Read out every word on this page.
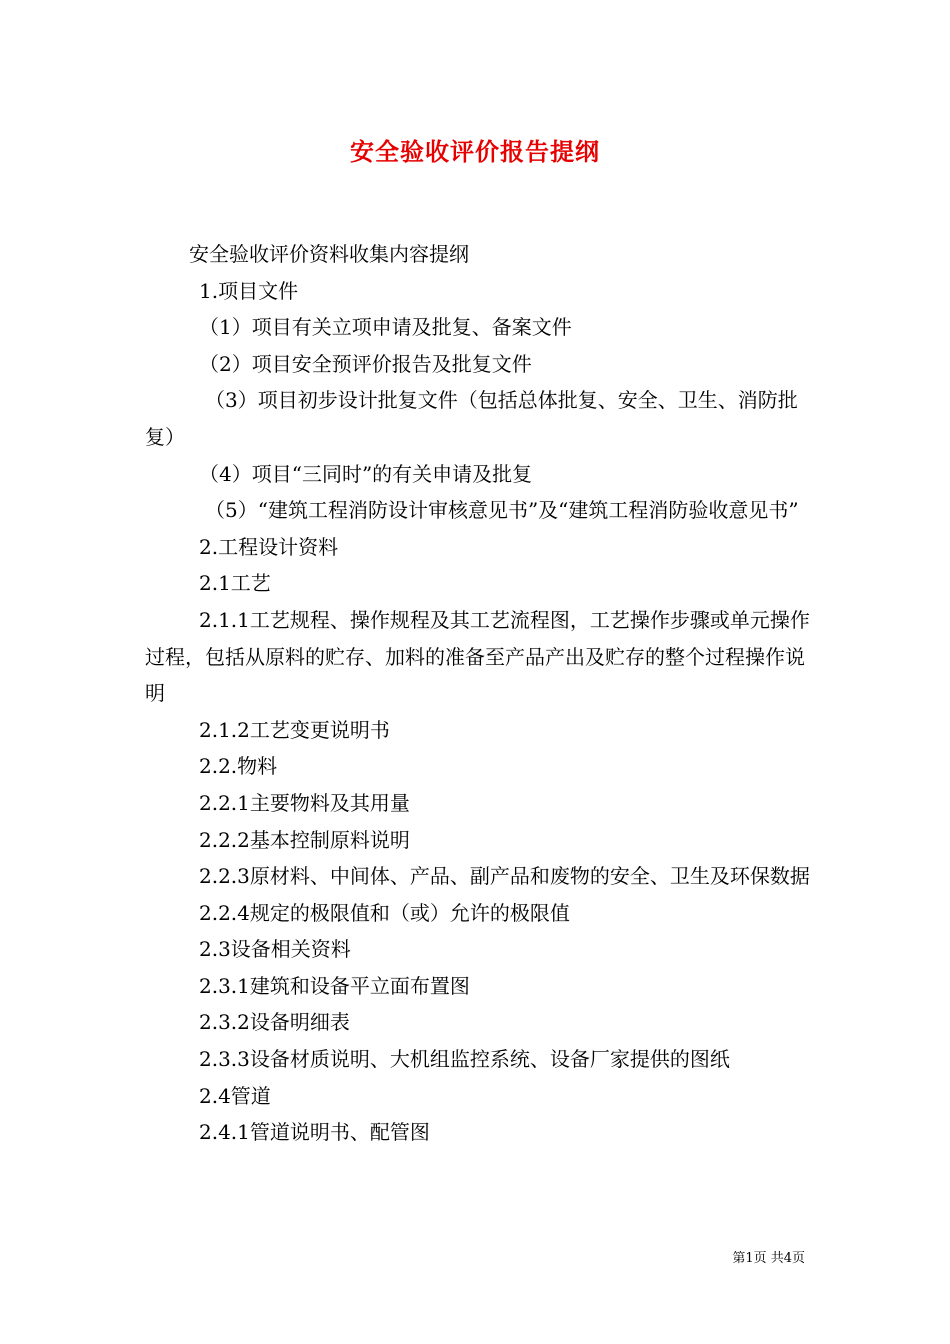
安全验收评价报告提纲
安全验收评价资料收集内容提纲
1.项目文件
（1）项目有关立项申请及批复、备案文件
（2）项目安全预评价报告及批复文件
（3）项目初步设计批复文件（包括总体批复、安全、卫生、消防批复）
（4）项目“三同时”的有关申请及批复
（5）“建筑工程消防设计审核意见书”及“建筑工程消防验收意见书”
2.工程设计资料
2.1工艺
2.1.1工艺规程、操作规程及其工艺流程图，工艺操作步骤或单元操作过程，包括从原料的贮存、加料的准备至产品产出及贮存的整个过程操作说明
2.1.2工艺变更说明书
2.2.物料
2.2.1主要物料及其用量
2.2.2基本控制原料说明
2.2.3原材料、中间体、产品、副产品和废物的安全、卫生及环保数据
2.2.4规定的极限值和（或）允许的极限值
2.3设备相关资料
2.3.1建筑和设备平立面布置图
2.3.2设备明细表
2.3.3设备材质说明、大机组监控系统、设备厂家提供的图纸
2.4管道
2.4.1管道说明书、配管图
第1页 共4页
